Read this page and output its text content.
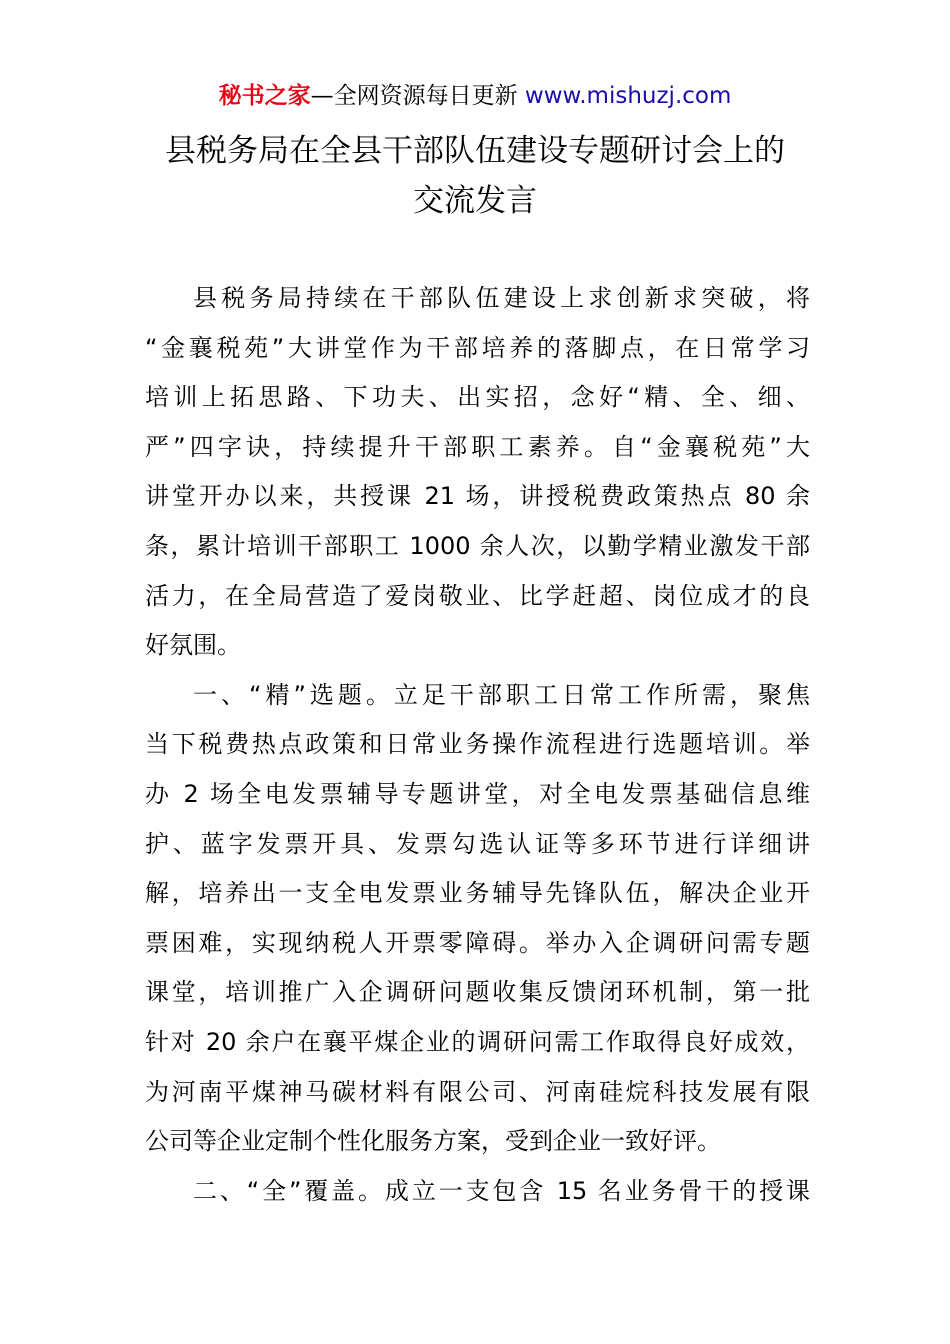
秘书之家—全网资源每日更新 www.mishuzj.com
县税务局在全县干部队伍建设专题研讨会上的
交流发言
县税务局持续在干部队伍建设上求创新求突破，将
“金襄税苑”大讲堂作为干部培养的落脚点，在日常学习
培训上拓思路、下功夫、出实招，念好“精、全、细、
严”四字诀，持续提升干部职工素养。自“金襄税苑”大
讲堂开办以来，共授课 21 场，讲授税费政策热点 80 余
条，累计培训干部职工 1000 余人次，以勤学精业激发干部
活力，在全局营造了爱岗敬业、比学赶超、岗位成才的良
好氛围。
一、“精”选题。立足干部职工日常工作所需，聚焦
当下税费热点政策和日常业务操作流程进行选题培训。举
办 2 场全电发票辅导专题讲堂，对全电发票基础信息维
护、蓝字发票开具、发票勾选认证等多环节进行详细讲
解，培养出一支全电发票业务辅导先锋队伍，解决企业开
票困难，实现纳税人开票零障碍。举办入企调研问需专题
课堂，培训推广入企调研问题收集反馈闭环机制，第一批
针对 20 余户在襄平煤企业的调研问需工作取得良好成效，
为河南平煤神马碳材料有限公司、河南硅烷科技发展有限
公司等企业定制个性化服务方案，受到企业一致好评。
二、“全”覆盖。成立一支包含 15 名业务骨干的授课
